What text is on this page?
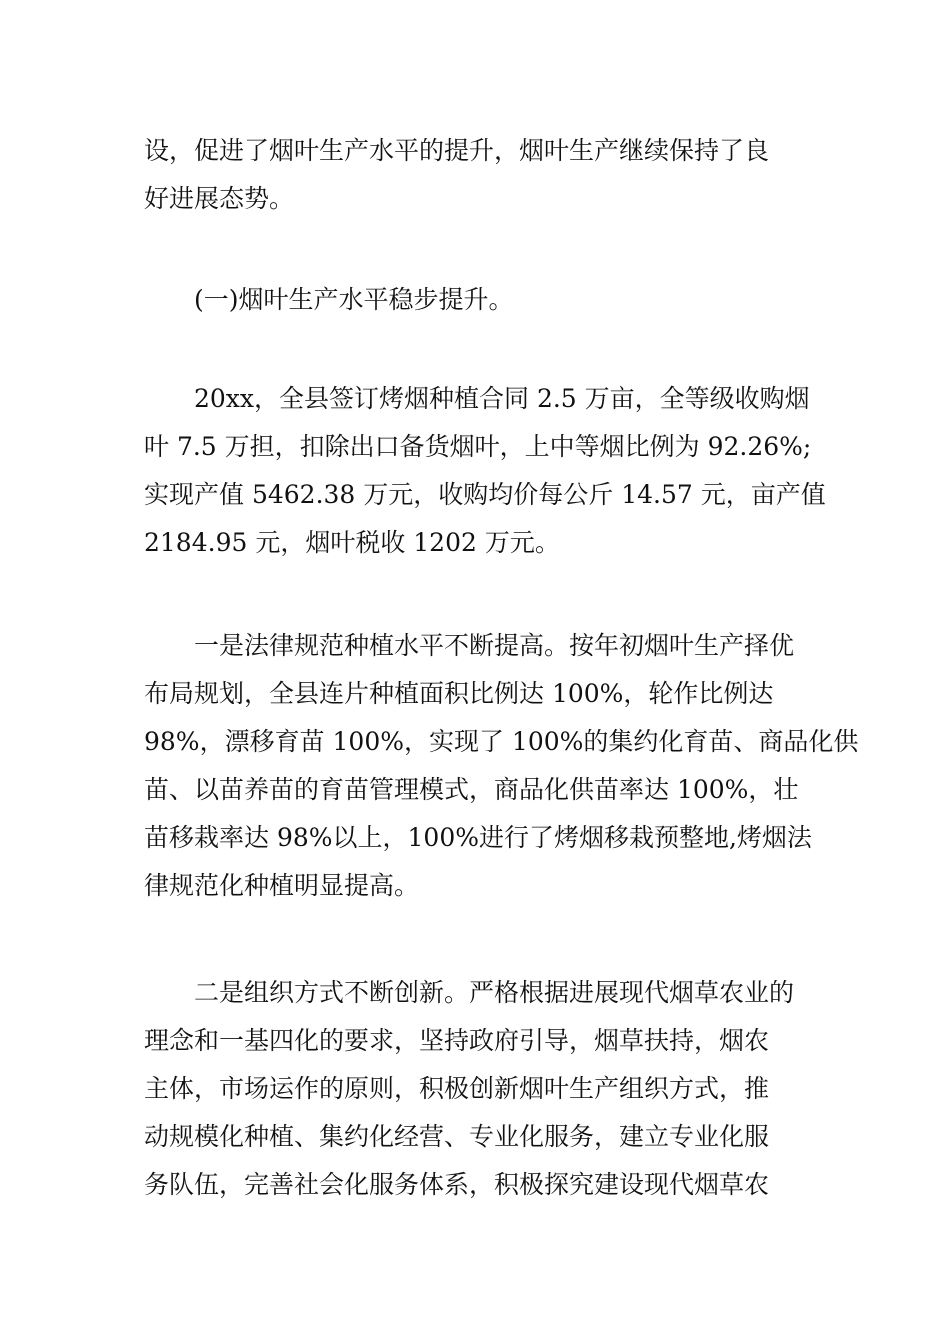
设，促进了烟叶生产水平的提升，烟叶生产继续保持了良
好进展态势。
　　(一)烟叶生产水平稳步提升。
　　20xx，全县签订烤烟种植合同 2.5 万亩，全等级收购烟
叶 7.5 万担，扣除出口备货烟叶，上中等烟比例为 92.26%;
实现产值 5462.38 万元，收购均价每公斤 14.57 元，亩产值
2184.95 元，烟叶税收 1202 万元。
　　一是法律规范种植水平不断提高。按年初烟叶生产择优
布局规划，全县连片种植面积比例达 100%，轮作比例达
98%，漂移育苗 100%，实现了 100%的集约化育苗、商品化供
苗、以苗养苗的育苗管理模式，商品化供苗率达 100%，壮
苗移栽率达 98%以上，100%进行了烤烟移栽预整地,烤烟法
律规范化种植明显提高。
　　二是组织方式不断创新。严格根据进展现代烟草农业的
理念和一基四化的要求，坚持政府引导，烟草扶持，烟农
主体，市场运作的原则，积极创新烟叶生产组织方式，推
动规模化种植、集约化经营、专业化服务，建立专业化服
务队伍，完善社会化服务体系，积极探究建设现代烟草农
